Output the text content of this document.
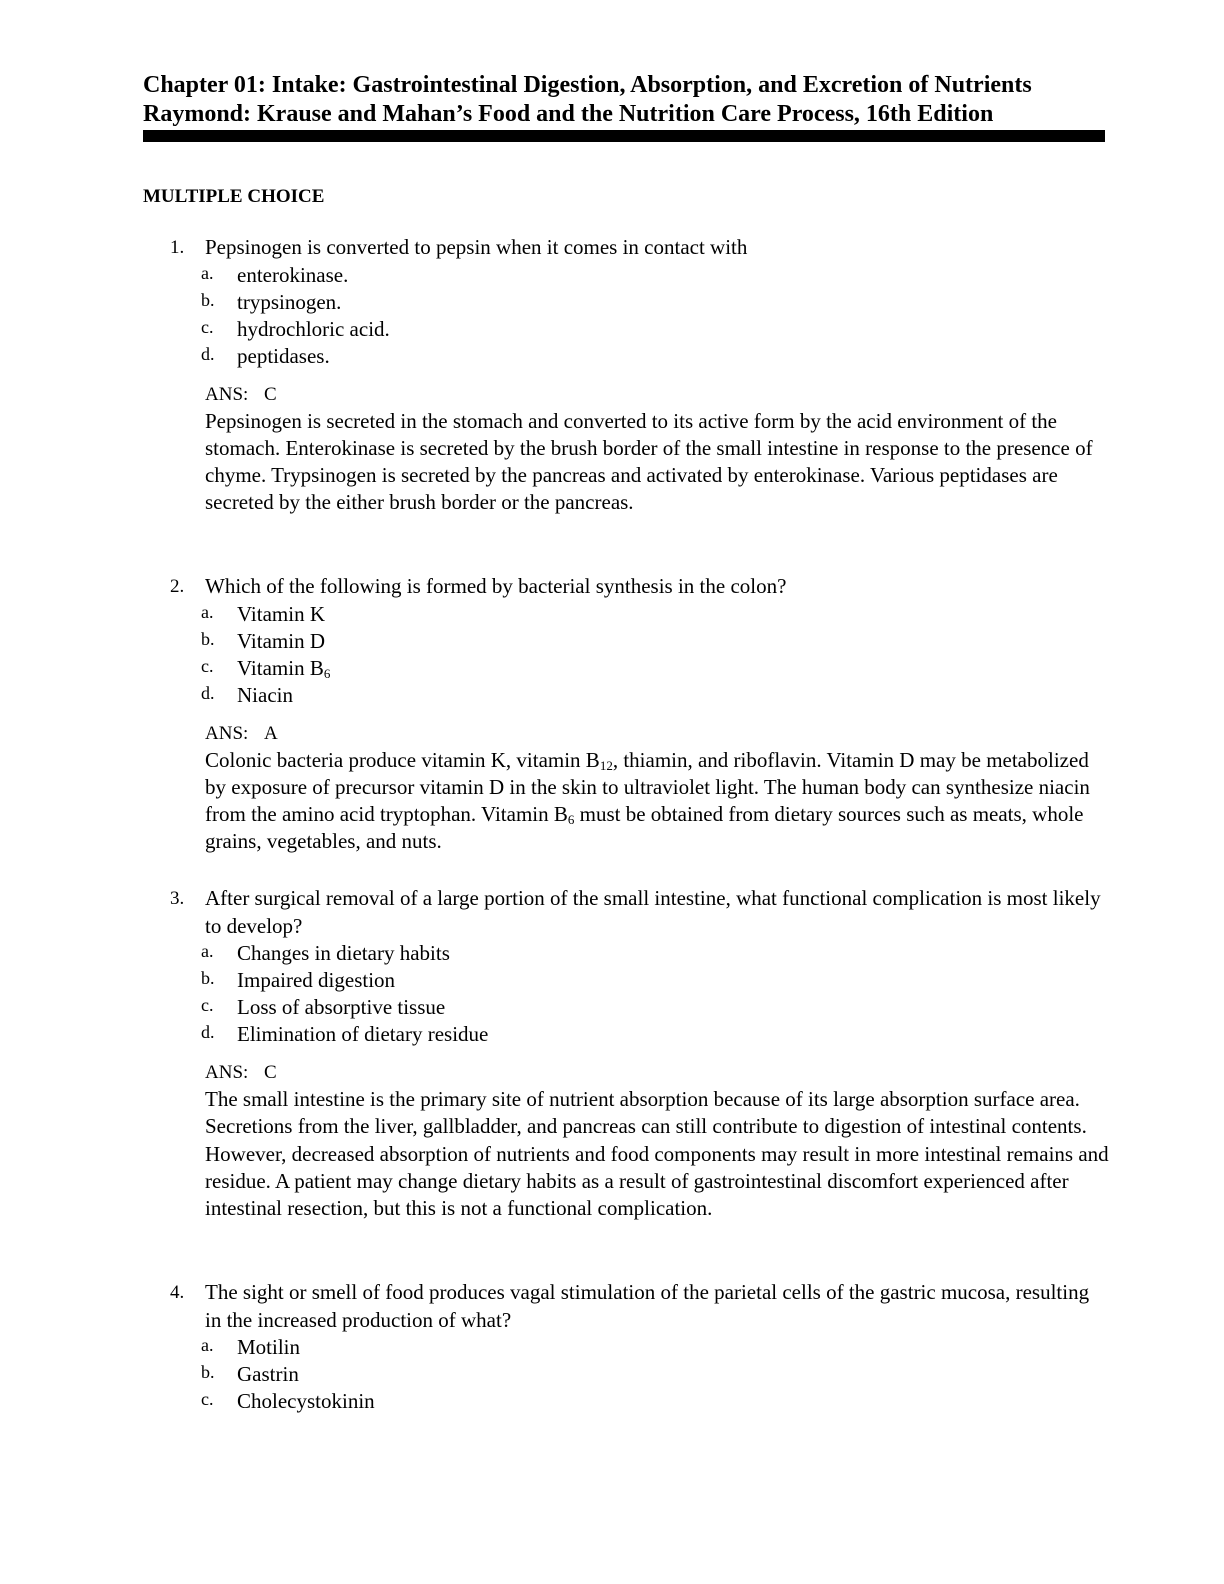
Chapter 01: Intake: Gastrointestinal Digestion, Absorption, and Excretion of Nutrients
Raymond: Krause and Mahan’s Food and the Nutrition Care Process, 16th Edition
MULTIPLE CHOICE
1. Pepsinogen is converted to pepsin when it comes in contact with
a. enterokinase.
b. trypsinogen.
c. hydrochloric acid.
d. peptidases.
ANS: C
Pepsinogen is secreted in the stomach and converted to its active form by the acid environment of the stomach. Enterokinase is secreted by the brush border of the small intestine in response to the presence of chyme. Trypsinogen is secreted by the pancreas and activated by enterokinase. Various peptidases are secreted by the either brush border or the pancreas.
2. Which of the following is formed by bacterial synthesis in the colon?
a. Vitamin K
b. Vitamin D
c. Vitamin $B_6$
d. Niacin
ANS: A
Colonic bacteria produce vitamin K, vitamin $B_{12}$, thiamin, and riboflavin. Vitamin D may be metabolized by exposure of precursor vitamin D in the skin to ultraviolet light. The human body can synthesize niacin from the amino acid tryptophan. Vitamin $B_6$ must be obtained from dietary sources such as meats, whole grains, vegetables, and nuts.
3. After surgical removal of a large portion of the small intestine, what functional complication is most likely to develop?
a. Changes in dietary habits
b. Impaired digestion
c. Loss of absorptive tissue
d. Elimination of dietary residue
ANS: C
The small intestine is the primary site of nutrient absorption because of its large absorption surface area. Secretions from the liver, gallbladder, and pancreas can still contribute to digestion of intestinal contents. However, decreased absorption of nutrients and food components may result in more intestinal remains and residue. A patient may change dietary habits as a result of gastrointestinal discomfort experienced after intestinal resection, but this is not a functional complication.
4. The sight or smell of food produces vagal stimulation of the parietal cells of the gastric mucosa, resulting in the increased production of what?
a. Motilin
b. Gastrin
c. Cholecystokinin
